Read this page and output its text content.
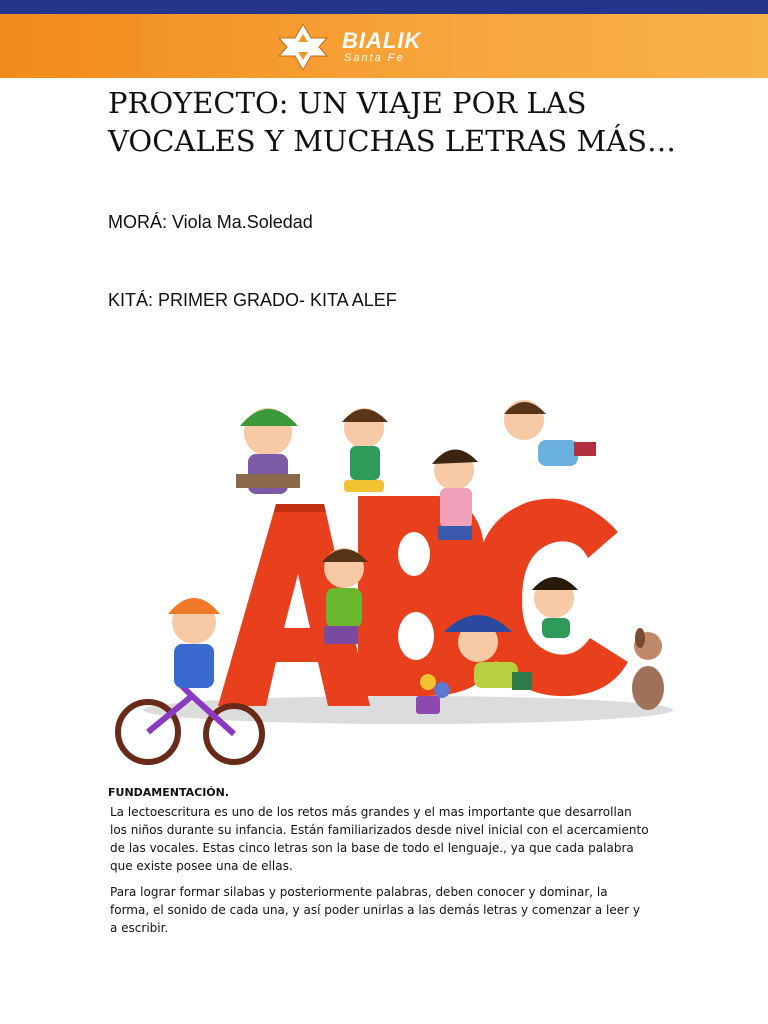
BIALIK
Santa Fe
PROYECTO: UN VIAJE POR LAS VOCALES Y MUCHAS LETRAS MÁS…
MORÁ: Viola Ma.Soledad
KITÁ: PRIMER GRADO- KITA ALEF
FUNDAMENTACIÓN.

La lectoescritura es uno de los retos más grandes y el mas importante que desarrollan los niños durante su infancia. Están familiarizados desde nivel inicial con el acercamiento de las vocales. Estas cinco letras son la base de todo el lenguaje., ya que cada palabra que existe posee una de ellas.

Para lograr formar silabas y posteriormente palabras, deben conocer y dominar, la forma, el sonido de cada una, y así poder unirlas a las demás letras y comenzar a leer y a escribir.
